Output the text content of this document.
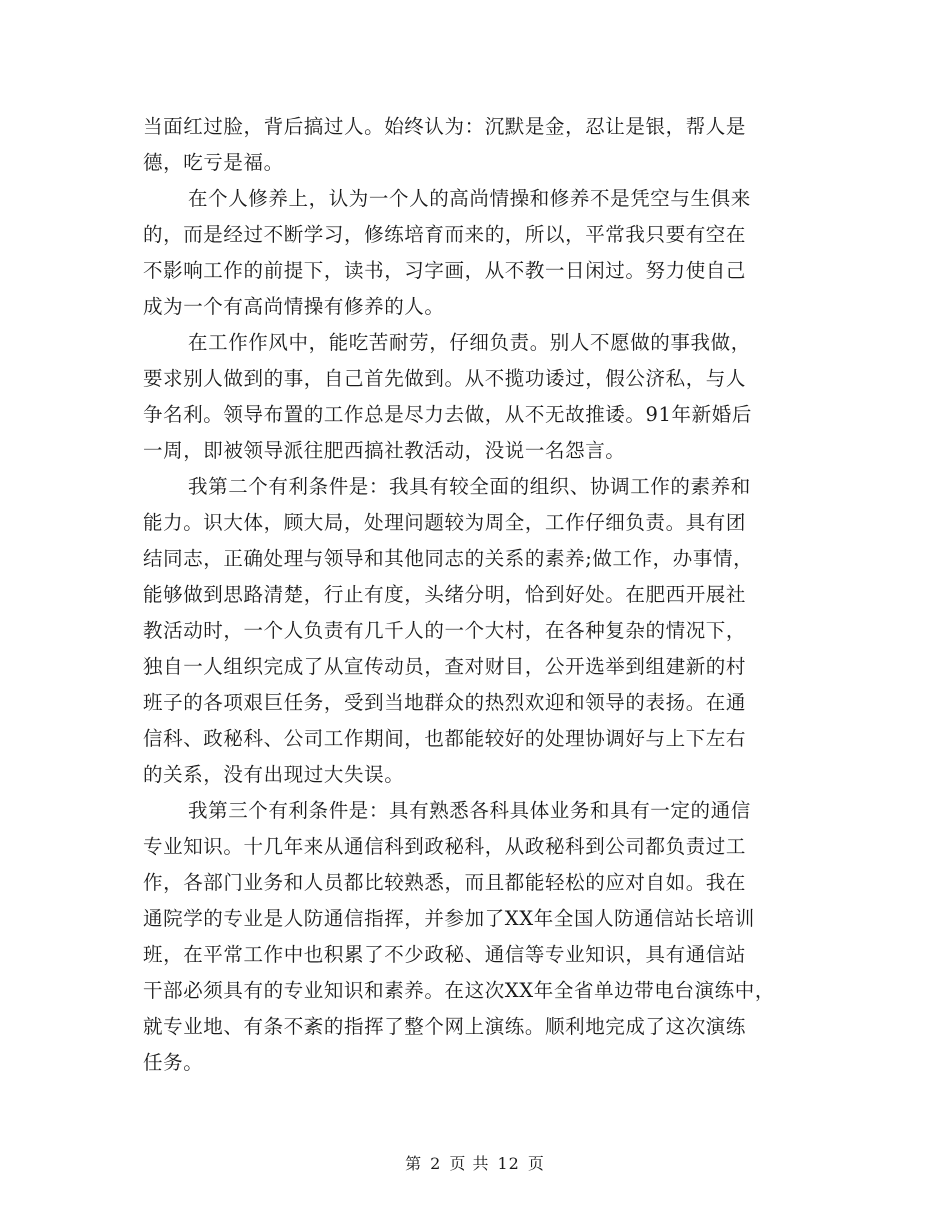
当面红过脸，背后搞过人。始终认为：沉默是金，忍让是银，帮人是
德，吃亏是福。
在个人修养上，认为一个人的高尚情操和修养不是凭空与生俱来
的，而是经过不断学习，修练培育而来的，所以，平常我只要有空在
不影响工作的前提下，读书，习字画，从不教一日闲过。努力使自己
成为一个有高尚情操有修养的人。
在工作作风中，能吃苦耐劳，仔细负责。别人不愿做的事我做，
要求别人做到的事，自己首先做到。从不揽功诿过，假公济私，与人
争名利。领导布置的工作总是尽力去做，从不无故推诿。91年新婚后
一周，即被领导派往肥西搞社教活动，没说一名怨言。
我第二个有利条件是：我具有较全面的组织、协调工作的素养和
能力。识大体，顾大局，处理问题较为周全，工作仔细负责。具有团
结同志，正确处理与领导和其他同志的关系的素养;做工作，办事情，
能够做到思路清楚，行止有度，头绪分明，恰到好处。在肥西开展社
教活动时，一个人负责有几千人的一个大村，在各种复杂的情况下，
独自一人组织完成了从宣传动员，查对财目，公开选举到组建新的村
班子的各项艰巨任务，受到当地群众的热烈欢迎和领导的表扬。在通
信科、政秘科、公司工作期间，也都能较好的处理协调好与上下左右
的关系，没有出现过大失误。
我第三个有利条件是：具有熟悉各科具体业务和具有一定的通信
专业知识。十几年来从通信科到政秘科，从政秘科到公司都负责过工
作，各部门业务和人员都比较熟悉，而且都能轻松的应对自如。我在
通院学的专业是人防通信指挥，并参加了XX年全国人防通信站长培训
班，在平常工作中也积累了不少政秘、通信等专业知识，具有通信站
干部必须具有的专业知识和素养。在这次XX年全省单边带电台演练中，
就专业地、有条不紊的指挥了整个网上演练。顺利地完成了这次演练
任务。
第 2 页 共 12 页
